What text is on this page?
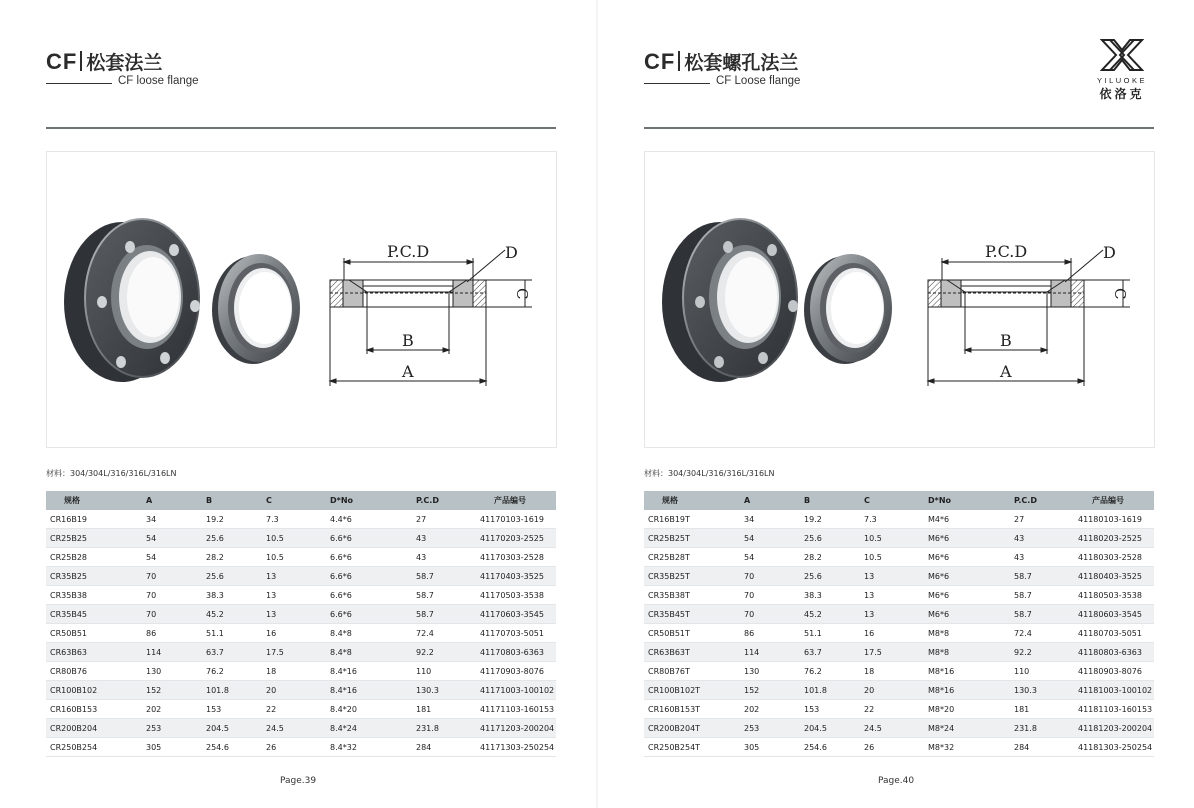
CF 松套法兰
CF loose flange
P.C.D	D
C
B
A
材料：304/304L/316/316L/316LN
规格	A	B	C	D*No	P.C.D	产品编号
CR16B19	34	19.2	7.3	4.4*6	27	41170103-1619
CR25B25	54	25.6	10.5	6.6*6	43	41170203-2525
CR25B28	54	28.2	10.5	6.6*6	43	41170303-2528
CR35B25	70	25.6	13	6.6*6	58.7	41170403-3525
CR35B38	70	38.3	13	6.6*6	58.7	41170503-3538
CR35B45	70	45.2	13	6.6*6	58.7	41170603-3545
CR50B51	86	51.1	16	8.4*8	72.4	41170703-5051
CR63B63	114	63.7	17.5	8.4*8	92.2	41170803-6363
CR80B76	130	76.2	18	8.4*16	110	41170903-8076
CR100B102	152	101.8	20	8.4*16	130.3	41171003-100102
CR160B153	202	153	22	8.4*20	181	41171103-160153
CR200B204	253	204.5	24.5	8.4*24	231.8	41171203-200204
CR250B254	305	254.6	26	8.4*32	284	41171303-250254
Page.39
CF 松套螺孔法兰
CF Loose flange	YILUOKE
依洛克
P.C.D	D
C
B
A
材料：304/304L/316/316L/316LN
规格	A	B	C	D*No	P.C.D	产品编号
CR16B19T	34	19.2	7.3	M4*6	27	41180103-1619
CR25B25T	54	25.6	10.5	M6*6	43	41180203-2525
CR25B28T	54	28.2	10.5	M6*6	43	41180303-2528
CR35B25T	70	25.6	13	M6*6	58.7	41180403-3525
CR35B38T	70	38.3	13	M6*6	58.7	41180503-3538
CR35B45T	70	45.2	13	M6*6	58.7	41180603-3545
CR50B51T	86	51.1	16	M8*8	72.4	41180703-5051
CR63B63T	114	63.7	17.5	M8*8	92.2	41180803-6363
CR80B76T	130	76.2	18	M8*16	110	41180903-8076
CR100B102T	152	101.8	20	M8*16	130.3	41181003-100102
CR160B153T	202	153	22	M8*20	181	41181103-160153
CR200B204T	253	204.5	24.5	M8*24	231.8	41181203-200204
CR250B254T	305	254.6	26	M8*32	284	41181303-250254
Page.40
